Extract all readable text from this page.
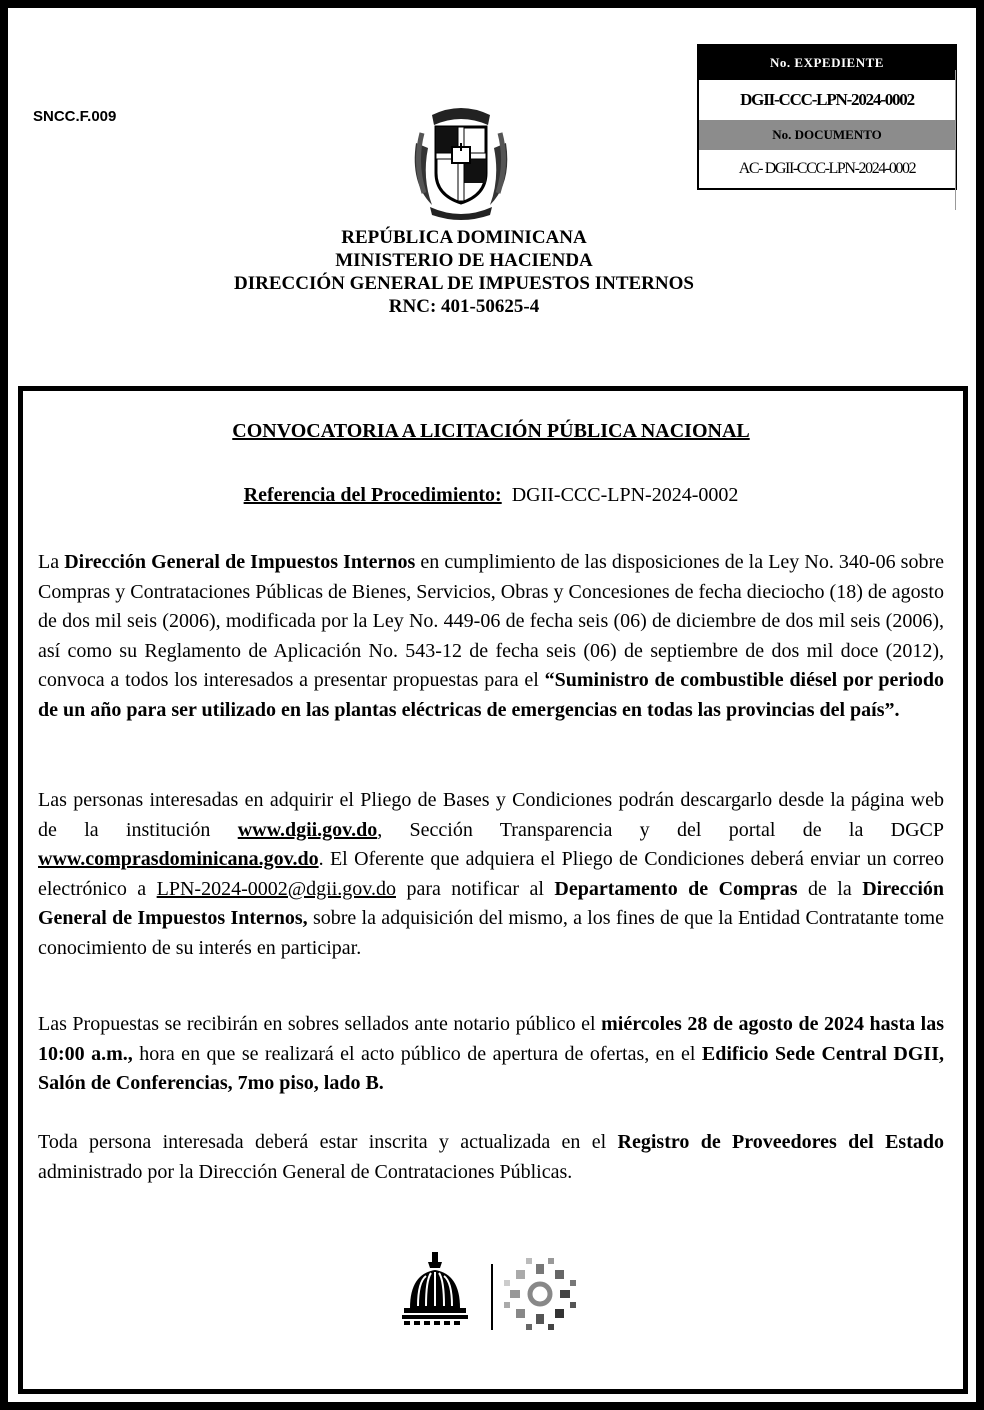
SNCC.F.009
No. EXPEDIENTE
DGII-CCC-LPN-2024-0002
No. DOCUMENTO
AC- DGII-CCC-LPN-2024-0002
REPÚBLICA DOMINICANA
MINISTERIO DE HACIENDA
DIRECCIÓN GENERAL DE IMPUESTOS INTERNOS
RNC: 401-50625-4
CONVOCATORIA A LICITACIÓN PÚBLICA NACIONAL
Referencia del Procedimiento: DGII-CCC-LPN-2024-0002
La Dirección General de Impuestos Internos en cumplimiento de las disposiciones de la Ley No. 340-06 sobre Compras y Contrataciones Públicas de Bienes, Servicios, Obras y Concesiones de fecha dieciocho (18) de agosto de dos mil seis (2006), modificada por la Ley No. 449-06 de fecha seis (06) de diciembre de dos mil seis (2006), así como su Reglamento de Aplicación No. 543-12 de fecha seis (06) de septiembre de dos mil doce (2012), convoca a todos los interesados a presentar propuestas para el “Suministro de combustible diésel por periodo de un año para ser utilizado en las plantas eléctricas de emergencias en todas las provincias del país”.
Las personas interesadas en adquirir el Pliego de Bases y Condiciones podrán descargarlo desde la página web de la institución www.dgii.gov.do, Sección Transparencia y del portal de la DGCP www.comprasdominicana.gov.do. El Oferente que adquiera el Pliego de Condiciones deberá enviar un correo electrónico a LPN-2024-0002@dgii.gov.do para notificar al Departamento de Compras de la Dirección General de Impuestos Internos, sobre la adquisición del mismo, a los fines de que la Entidad Contratante tome conocimiento de su interés en participar.
Las Propuestas se recibirán en sobres sellados ante notario público el miércoles 28 de agosto de 2024 hasta las 10:00 a.m., hora en que se realizará el acto público de apertura de ofertas, en el Edificio Sede Central DGII, Salón de Conferencias, 7mo piso, lado B.
Toda persona interesada deberá estar inscrita y actualizada en el Registro de Proveedores del Estado administrado por la Dirección General de Contrataciones Públicas.
